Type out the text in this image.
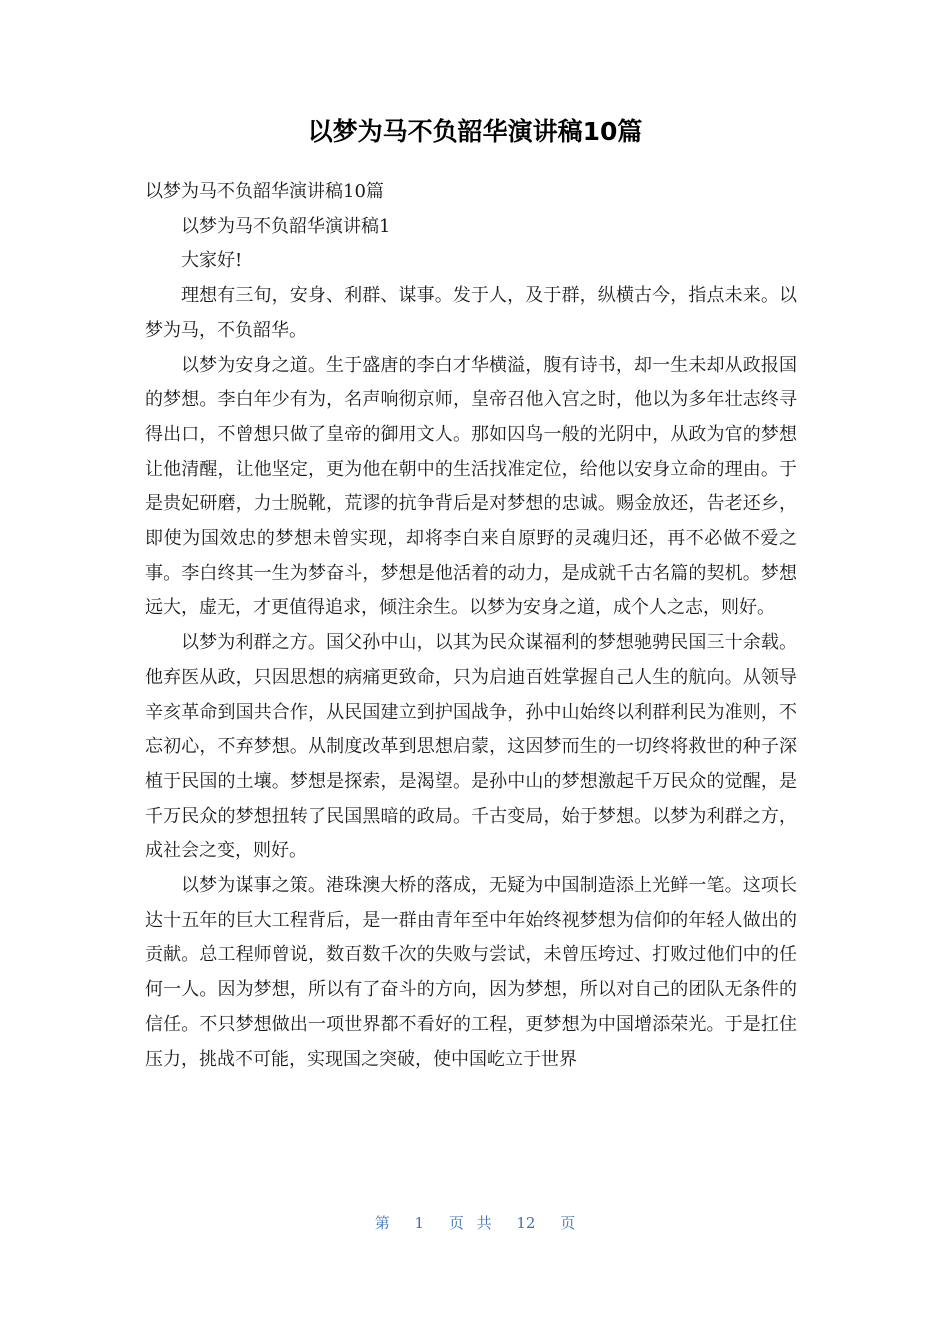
以梦为马不负韶华演讲稿10篇

以梦为马不负韶华演讲稿10篇

以梦为马不负韶华演讲稿1

大家好!

理想有三旬，安身、利群、谋事。发于人，及于群，纵横古今，指点未来。以梦为马，不负韶华。

以梦为安身之道。生于盛唐的李白才华横溢，腹有诗书，却一生未却从政报国的梦想。李白年少有为，名声响彻京师，皇帝召他入宫之时，他以为多年壮志终寻得出口，不曾想只做了皇帝的御用文人。那如囚鸟一般的光阴中，从政为官的梦想让他清醒，让他坚定，更为他在朝中的生活找准定位，给他以安身立命的理由。于是贵妃研磨，力士脱靴，荒谬的抗争背后是对梦想的忠诚。赐金放还，告老还乡，即使为国效忠的梦想未曾实现，却将李白来自原野的灵魂归还，再不必做不爱之事。李白终其一生为梦奋斗，梦想是他活着的动力，是成就千古名篇的契机。梦想远大，虚无，才更值得追求，倾注余生。以梦为安身之道，成个人之志，则好。

以梦为利群之方。国父孙中山，以其为民众谋福利的梦想驰骋民国三十余载。他弃医从政，只因思想的病痛更致命，只为启迪百姓掌握自己人生的航向。从领导辛亥革命到国共合作，从民国建立到护国战争，孙中山始终以利群利民为准则，不忘初心，不弃梦想。从制度改革到思想启蒙，这因梦而生的一切终将救世的种子深植于民国的土壤。梦想是探索，是渴望。是孙中山的梦想激起千万民众的觉醒，是千万民众的梦想扭转了民国黑暗的政局。千古变局，始于梦想。以梦为利群之方，成社会之变，则好。

以梦为谋事之策。港珠澳大桥的落成，无疑为中国制造添上光鲜一笔。这项长达十五年的巨大工程背后，是一群由青年至中年始终视梦想为信仰的年轻人做出的贡献。总工程师曾说，数百数千次的失败与尝试，未曾压垮过、打败过他们中的任何一人。因为梦想，所以有了奋斗的方向，因为梦想，所以对自己的团队无条件的信任。不只梦想做出一项世界都不看好的工程，更梦想为中国增添荣光。于是扛住压力，挑战不可能，实现国之突破，使中国屹立于世界

第 1 页 共 12 页
